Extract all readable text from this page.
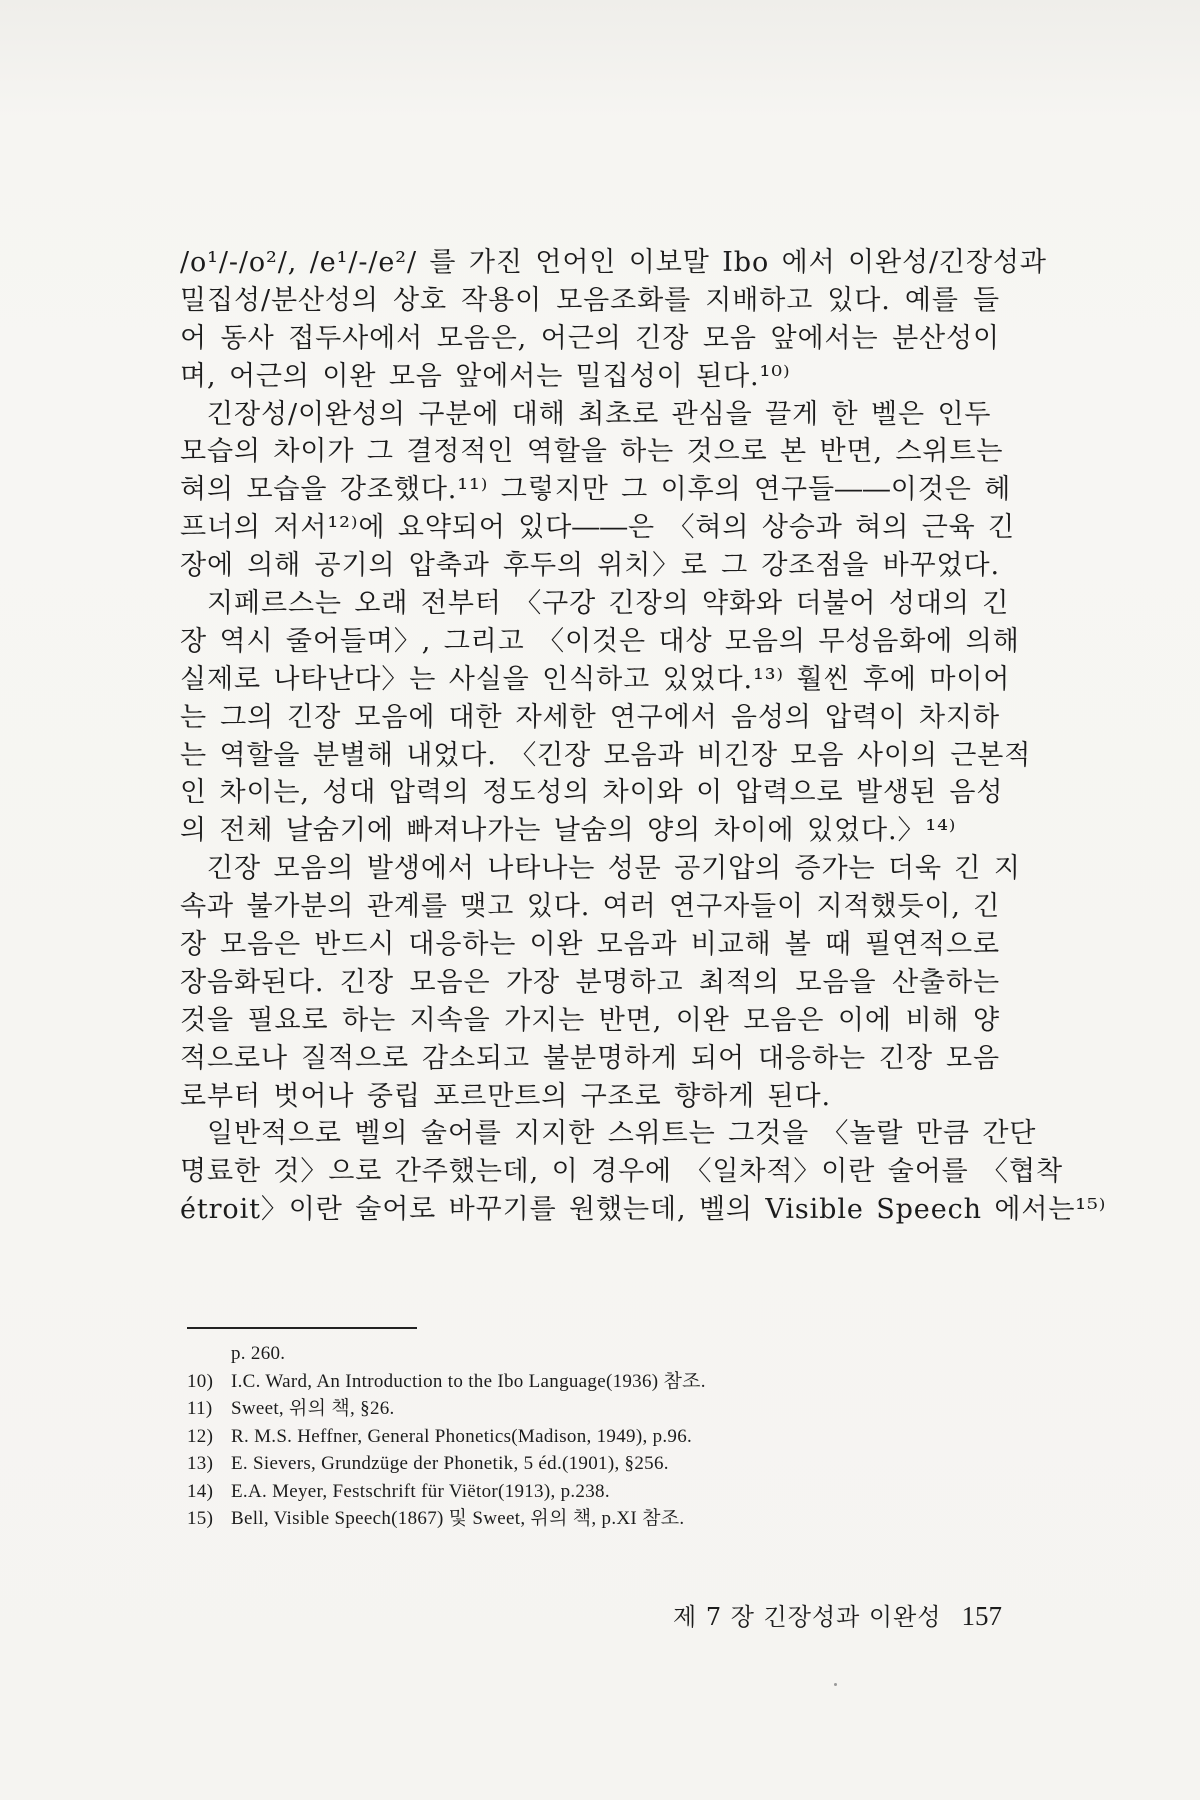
/o¹/-/o²/, /e¹/-/e²/ 를 가진 언어인 이보말 Ibo 에서 이완성/긴장성과
밀집성/분산성의 상호 작용이 모음조화를 지배하고 있다. 예를 들
어 동사 접두사에서 모음은, 어근의 긴장 모음 앞에서는 분산성이
며, 어근의 이완 모음 앞에서는 밀집성이 된다.¹⁰⁾
긴장성/이완성의 구분에 대해 최초로 관심을 끌게 한 벨은 인두
모습의 차이가 그 결정적인 역할을 하는 것으로 본 반면, 스위트는
혀의 모습을 강조했다.¹¹⁾ 그렇지만 그 이후의 연구들――이것은 헤
프너의 저서¹²⁾에 요약되어 있다――은 〈혀의 상승과 혀의 근육 긴
장에 의해 공기의 압축과 후두의 위치〉로 그 강조점을 바꾸었다.
지페르스는 오래 전부터 〈구강 긴장의 약화와 더불어 성대의 긴
장 역시 줄어들며〉, 그리고 〈이것은 대상 모음의 무성음화에 의해
실제로 나타난다〉는 사실을 인식하고 있었다.¹³⁾ 훨씬 후에 마이어
는 그의 긴장 모음에 대한 자세한 연구에서 음성의 압력이 차지하
는 역할을 분별해 내었다. 〈긴장 모음과 비긴장 모음 사이의 근본적
인 차이는, 성대 압력의 정도성의 차이와 이 압력으로 발생된 음성
의 전체 날숨기에 빠져나가는 날숨의 양의 차이에 있었다.〉¹⁴⁾
긴장 모음의 발생에서 나타나는 성문 공기압의 증가는 더욱 긴 지
속과 불가분의 관계를 맺고 있다. 여러 연구자들이 지적했듯이, 긴
장 모음은 반드시 대응하는 이완 모음과 비교해 볼 때 필연적으로
장음화된다. 긴장 모음은 가장 분명하고 최적의 모음을 산출하는
것을 필요로 하는 지속을 가지는 반면, 이완 모음은 이에 비해 양
적으로나 질적으로 감소되고 불분명하게 되어 대응하는 긴장 모음
로부터 벗어나 중립 포르만트의 구조로 향하게 된다.
일반적으로 벨의 술어를 지지한 스위트는 그것을 〈놀랄 만큼 간단
명료한 것〉으로 간주했는데, 이 경우에 〈일차적〉이란 술어를 〈협착
étroit〉이란 술어로 바꾸기를 원했는데, 벨의 Visible Speech 에서는¹⁵⁾
p. 260.
10) I.C. Ward, An Introduction to the Ibo Language(1936) 참조.
11) Sweet, 위의 책, §26.
12) R. M.S. Heffner, General Phonetics(Madison, 1949), p.96.
13) E. Sievers, Grundzüge der Phonetik, 5 éd.(1901), §256.
14) E.A. Meyer, Festschrift für Viëtor(1913), p.238.
15) Bell, Visible Speech(1867) 및 Sweet, 위의 책, p.XI 참조.
제 7 장 긴장성과 이완성 157
